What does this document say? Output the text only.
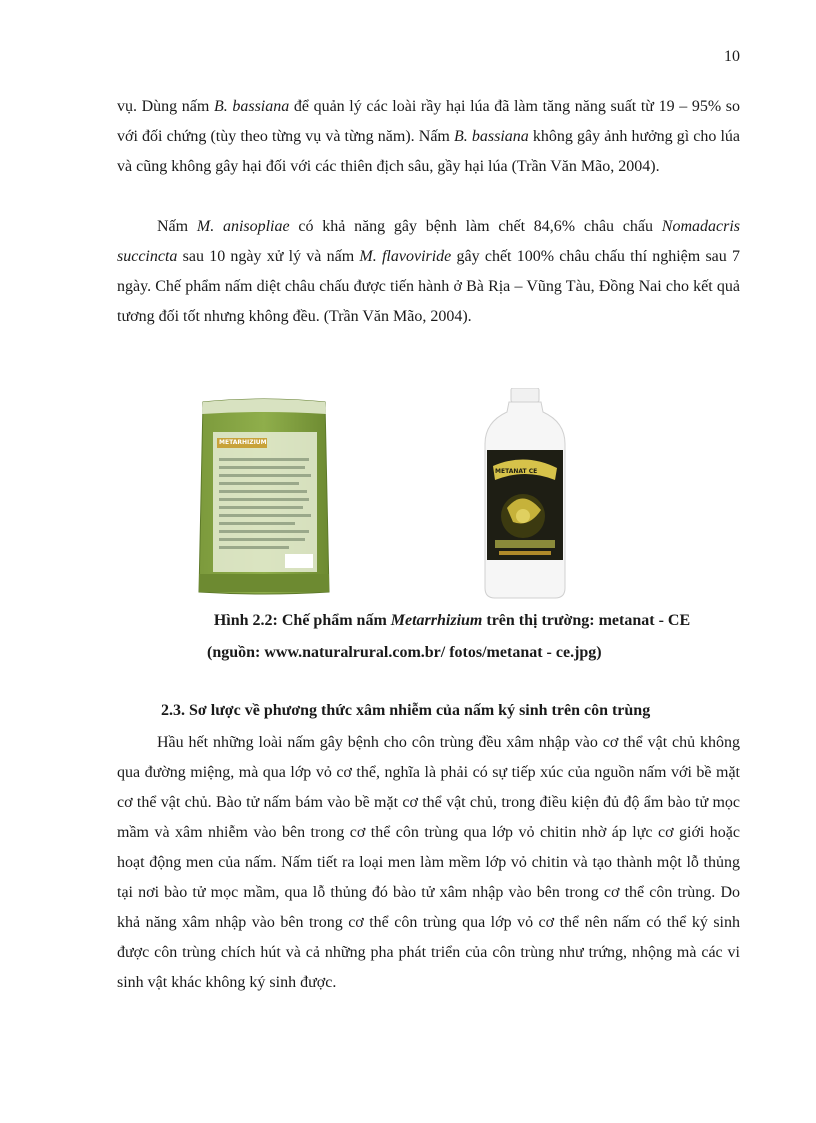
10

vụ. Dùng nấm B. bassiana để quản lý các loài rầy hại lúa đã làm tăng năng suất từ 19 – 95% so với đối chứng (tùy theo từng vụ và từng năm). Nấm B. bassiana không gây ảnh hưởng gì cho lúa và cũng không gây hại đối với các thiên địch sâu, gầy hại lúa (Trần Văn Mão, 2004).

Nấm M. anisopliae có khả năng gây bệnh làm chết 84,6% châu chấu Nomadacris succincta sau 10 ngày xử lý và nấm M. flavoviride gây chết 100% châu chấu thí nghiệm sau 7 ngày. Chế phẩm nấm diệt châu chấu được tiến hành ở Bà Rịa – Vũng Tàu, Đồng Nai cho kết quả tương đối tốt nhưng không đều. (Trần Văn Mão, 2004).

METARHIZIUM
METANAT CE
Hình 2.2: Chế phẩm nấm Metarrhizium trên thị trường: metanat - CE
(nguồn: www.naturalrural.com.br/ fotos/metanat - ce.jpg)
2.3. Sơ lược về phương thức xâm nhiễm của nấm ký sinh trên côn trùng

Hầu hết những loài nấm gây bệnh cho côn trùng đều xâm nhập vào cơ thể vật chủ không qua đường miệng, mà qua lớp vỏ cơ thể, nghĩa là phải có sự tiếp xúc của nguồn nấm với bề mặt cơ thể vật chủ. Bào tử nấm bám vào bề mặt cơ thể vật chủ, trong điều kiện đủ độ ẩm bào tử mọc mầm và xâm nhiễm vào bên trong cơ thể côn trùng qua lớp vỏ chitin nhờ áp lực cơ giới hoặc hoạt động men của nấm. Nấm tiết ra loại men làm mềm lớp vỏ chitin và tạo thành một lỗ thủng tại nơi bào tử mọc mầm, qua lỗ thủng đó bào tử xâm nhập vào bên trong cơ thể côn trùng. Do khả năng xâm nhập vào bên trong cơ thể côn trùng qua lớp vỏ cơ thể nên nấm có thể ký sinh được côn trùng chích hút và cả những pha phát triển của côn trùng như trứng, nhộng mà các vi sinh vật khác không ký sinh được.
